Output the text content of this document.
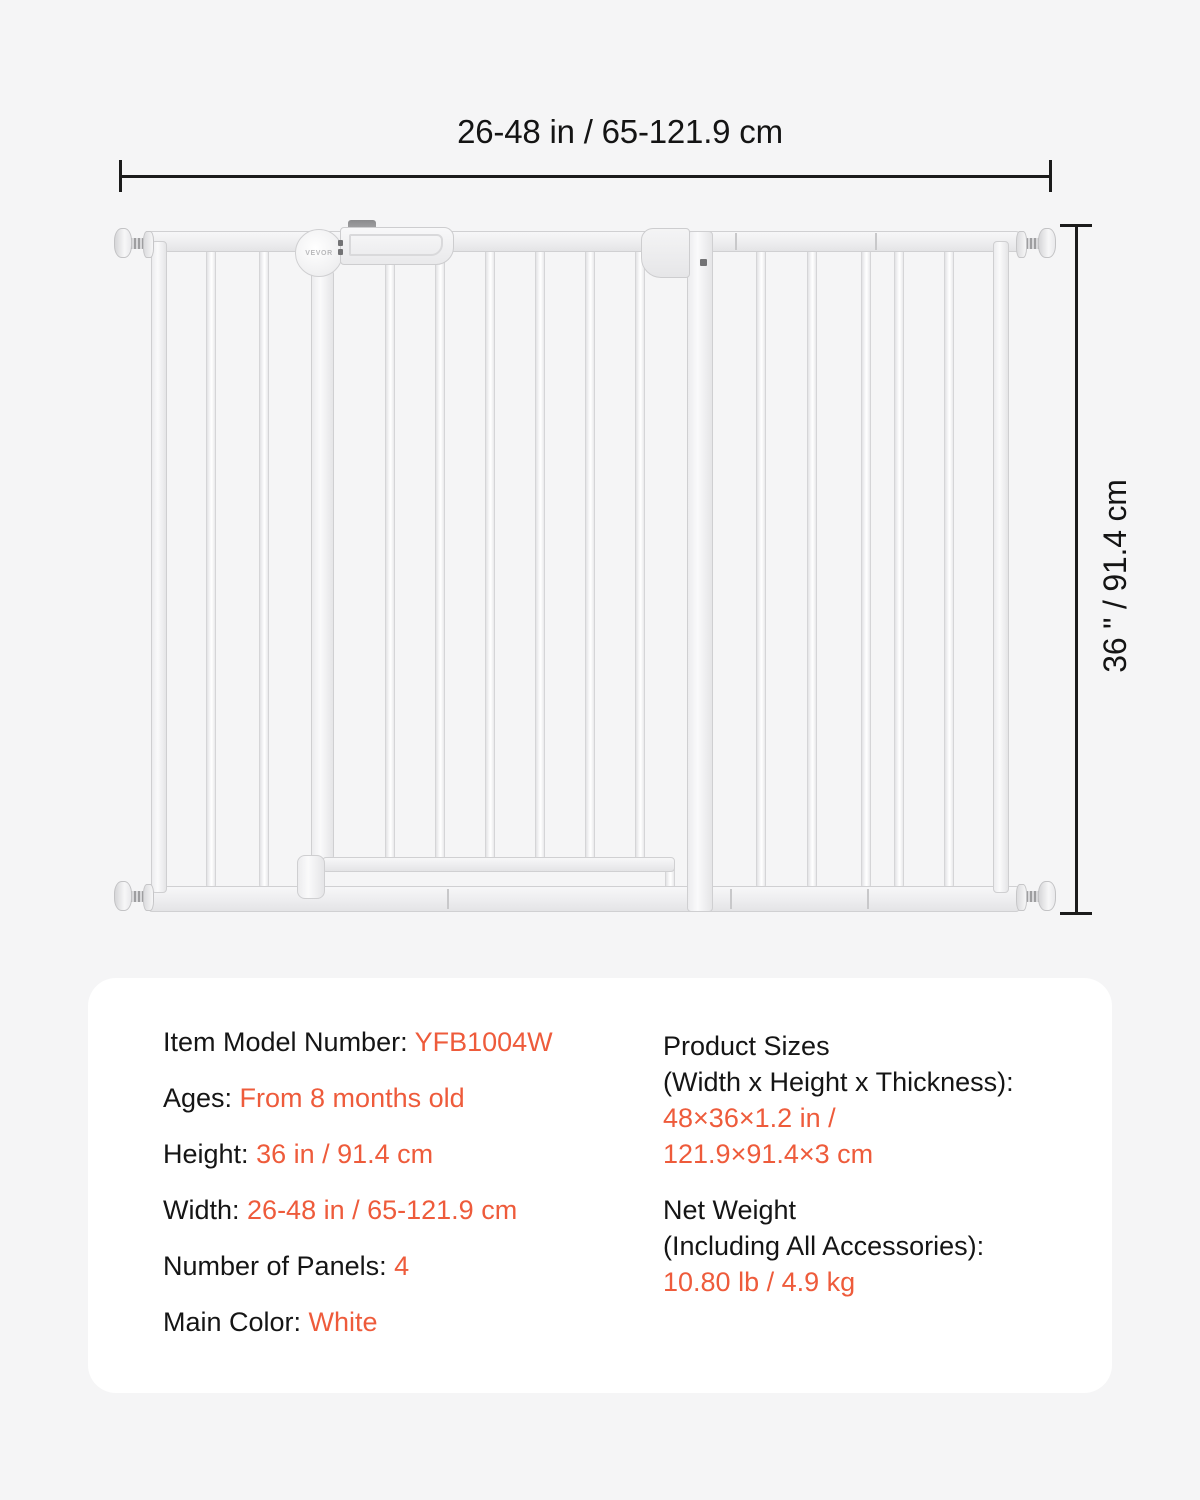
26-48 in / 65-121.9 cm
36 " / 91.4 cm
VEVOR
Item Model Number: YFB1004W
Ages: From 8 months old
Height: 36 in / 91.4 cm
Width: 26-48 in / 65-121.9 cm
Number of Panels: 4
Main Color: White
Product Sizes
(Width x Height x Thickness):
48×36×1.2 in /
121.9×91.4×3 cm
Net Weight
(Including All Accessories):
10.80 lb / 4.9 kg
